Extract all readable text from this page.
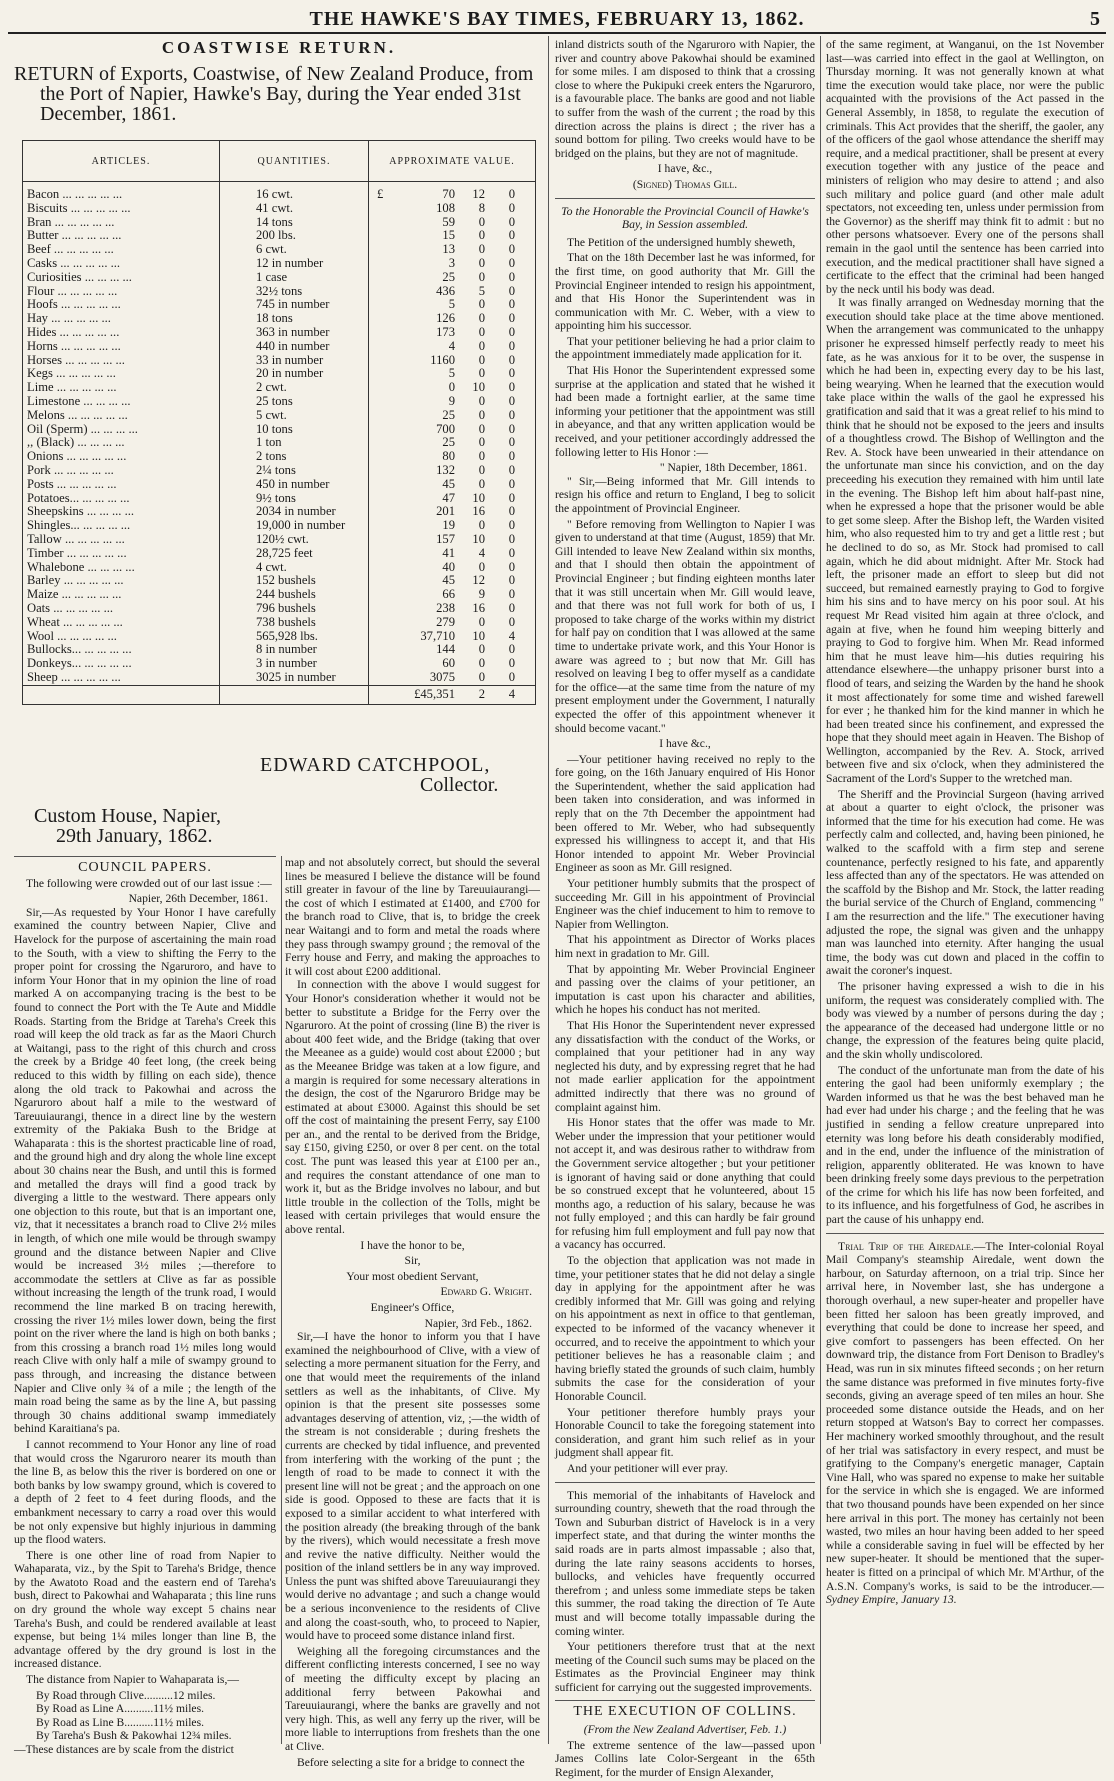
THE HAWKE'S BAY TIMES, FEBRUARY 13, 1862.	5
COASTWISE RETURN.
RETURN of Exports, Coastwise, of New Zealand Produce, from the Port of Napier, Hawke's Bay, during the Year ended 31st December, 1861.
ARTICLES.	QUANTITIES.	APPROXIMATE VALUE.
Bacon ... ... ... ... ...	16 cwt.	£ 70 12 0

Biscuits ... ... ... ... ...	41 cwt.	108 8 0

Bran ... ... ... ... ...	14 tons	59 0 0

Butter ... ... ... ... ...	200 lbs.	15 0 0

Beef ... ... ... ... ...	6 cwt.	13 0 0

Casks ... ... ... ... ...	12 in number	3 0 0

Curiosities ... ... ... ...	1 case	25 0 0

Flour ... ... ... ... ...	32½ tons	436 5 0

Hoofs ... ... ... ... ...	745 in number	5 0 0

Hay ... ... ... ... ...	18 tons	126 0 0

Hides ... ... ... ... ...	363 in number	173 0 0

Horns ... ... ... ... ...	440 in number	4 0 0

Horses ... ... ... ... ...	33 in number	1160 0 0

Kegs ... ... ... ... ...	20 in number	5 0 0

Lime ... ... ... ... ...	2 cwt.	0 10 0

Limestone ... ... ... ...	25 tons	9 0 0

Melons ... ... ... ... ...	5 cwt.	25 0 0

Oil (Sperm) ... ... ... ...	10 tons	700 0 0

,, (Black) ... ... ... ...	1 ton	25 0 0

Onions ... ... ... ... ...	2 tons	80 0 0

Pork ... ... ... ... ...	2¼ tons	132 0 0

Posts ... ... ... ... ...	450 in number	45 0 0

Potatoes... ... ... ... ...	9½ tons	47 10 0

Sheepskins ... ... ... ...	2034 in number	201 16 0

Shingles... ... ... ... ...	19,000 in number	19 0 0

Tallow ... ... ... ... ...	120½ cwt.	157 10 0

Timber ... ... ... ... ...	28,725 feet	41 4 0

Whalebone ... ... ... ...	4 cwt.	40 0 0

Barley ... ... ... ... ...	152 bushels	45 12 0

Maize ... ... ... ... ...	244 bushels	66 9 0

Oats ... ... ... ... ...	796 bushels	238 16 0

Wheat ... ... ... ... ...	738 bushels	279 0 0

Wool ... ... ... ... ...	565,928 lbs.	37,710 10 4

Bullocks... ... ... ... ...	8 in number	144 0 0

Donkeys... ... ... ... ...	3 in number	60 0 0

Sheep ... ... ... ... ...	3025 in number	3075 0 0

		£45,351 2 4
EDWARD CATCHPOOL,
Collector.
Custom House, Napier,
29th January, 1862.
COUNCIL PAPERS.

The following were crowded out of our last issue :—

Napier, 26th December, 1861.

Sir,—As requested by Your Honor I have carefully examined the country between Napier, Clive and Havelock for the purpose of ascertaining the main road to the South, with a view to shifting the Ferry to the proper point for crossing the Ngaruroro, and have to inform Your Honor that in my opinion the line of road marked A on accompanying tracing is the best to be found to connect the Port with the Te Aute and Middle Roads. Starting from the Bridge at Tareha's Creek this road will keep the old track as far as the Maori Church at Waitangi, pass to the right of this church and cross the creek by a Bridge 40 feet long, (the creek being reduced to this width by filling on each side), thence along the old track to Pakowhai and across the Ngaruroro about half a mile to the westward of Tareuuiaurangi, thence in a direct line by the western extremity of the Pakiaka Bush to the Bridge at Wahaparata : this is the shortest practicable line of road, and the ground high and dry along the whole line except about 30 chains near the Bush, and until this is formed and metalled the drays will find a good track by diverging a little to the westward. There appears only one objection to this route, but that is an important one, viz, that it necessitates a branch road to Clive 2½ miles in length, of which one mile would be through swampy ground and the distance between Napier and Clive would be increased 3½ miles ;—therefore to accommodate the settlers at Clive as far as possible without increasing the length of the trunk road, I would recommend the line marked B on tracing herewith, crossing the river 1½ miles lower down, being the first point on the river where the land is high on both banks ; from this crossing a branch road 1½ miles long would reach Clive with only half a mile of swampy ground to pass through, and increasing the distance between Napier and Clive only ¾ of a mile ; the length of the main road being the same as by the line A, but passing through 30 chains additional swamp immediately behind Karaitiana's pa.

I cannot recommend to Your Honor any line of road that would cross the Ngaruroro nearer its mouth than the line B, as below this the river is bordered on one or both banks by low swampy ground, which is covered to a depth of 2 feet to 4 feet during floods, and the embankment necessary to carry a road over this would be not only expensive but highly injurious in damming up the flood waters.

There is one other line of road from Napier to Wahaparata, viz., by the Spit to Tareha's Bridge, thence by the Awatoto Road and the eastern end of Tareha's bush, direct to Pakowhai and Wahaparata ; this line runs on dry ground the whole way except 5 chains near Tareha's Bush, and could be rendered available at least expense, but being 1¼ miles longer than line B, the advantage offered by the dry ground is lost in the increased distance.

The distance from Napier to Wahaparata is,—

By Road through Clive..........12 miles.
By Road as Line A..........11½ miles.
By Road as Line B..........11½ miles.
By Tareha's Bush & Pakowhai 12¾ miles.
—These distances are by scale from the district
map and not absolutely correct, but should the several lines be measured I believe the distance will be found still greater in favour of the line by Tareuuiaurangi—the cost of which I estimated at £1400, and £700 for the branch road to Clive, that is, to bridge the creek near Waitangi and to form and metal the roads where they pass through swampy ground ; the removal of the Ferry house and Ferry, and making the approaches to it will cost about £200 additional.

In connection with the above I would suggest for Your Honor's consideration whether it would not be better to substitute a Bridge for the Ferry over the Ngaruroro. At the point of crossing (line B) the river is about 400 feet wide, and the Bridge (taking that over the Meeanee as a guide) would cost about £2000 ; but as the Meeanee Bridge was taken at a low figure, and a margin is required for some necessary alterations in the design, the cost of the Ngaruroro Bridge may be estimated at about £3000. Against this should be set off the cost of maintaining the present Ferry, say £100 per an., and the rental to be derived from the Bridge, say £150, giving £250, or over 8 per cent. on the total cost. The punt was leased this year at £100 per an., and requires the constant attendance of one man to work it, but as the Bridge involves no labour, and but little trouble in the collection of the Tolls, might be leased with certain privileges that would ensure the above rental.

I have the honor to be,
Sir,
Your most obedient Servant,
Edward G. Wright.
Engineer's Office,
Napier, 3rd Feb., 1862.

Sir,—I have the honor to inform you that I have examined the neighbourhood of Clive, with a view of selecting a more permanent situation for the Ferry, and one that would meet the requirements of the inland settlers as well as the inhabitants, of Clive. My opinion is that the present site possesses some advantages deserving of attention, viz, ;—the width of the stream is not considerable ; during freshets the currents are checked by tidal influence, and prevented from interfering with the working of the punt ; the length of road to be made to connect it with the present line will not be great ; and the approach on one side is good. Opposed to these are facts that it is exposed to a similar accident to what interfered with the position already (the breaking through of the bank by the rivers), which would necessitate a fresh move and revive the native difficulty. Neither would the position of the inland settlers be in any way improved. Unless the punt was shifted above Tareuuiaurangi they would derive no advantage ; and such a change would be a serious inconvenience to the residents of Clive and along the coast-south, who, to proceed to Napier, would have to proceed some distance inland first.

Weighing all the foregoing circumstances and the different conflicting interests concerned, I see no way of meeting the difficulty except by placing an additional ferry between Pakowhai and Tareuuiaurangi, where the banks are gravelly and not very high. This, as well any ferry up the river, will be more liable to interruptions from freshets than the one at Clive.

Before selecting a site for a bridge to connect the

inland districts south of the Ngaruroro with Napier, the river and country above Pakowhai should be examined for some miles. I am disposed to think that a crossing close to where the Pukipuki creek enters the Ngaruroro, is a favourable place. The banks are good and not liable to suffer from the wash of the current ; the road by this direction across the plains is direct ; the river has a sound bottom for piling. Two creeks would have to be bridged on the plains, but they are not of magnitude.
I have, &c.,
(Signed) Thomas Gill.
To the Honorable the Provincial Council of Hawke's Bay, in Session assembled.

The Petition of the undersigned humbly sheweth,

That on the 18th December last he was informed, for the first time, on good authority that Mr. Gill the Provincial Engineer intended to resign his appointment, and that His Honor the Superintendent was in communication with Mr. C. Weber, with a view to appointing him his successor.

That your petitioner believing he had a prior claim to the appointment immediately made application for it.

That His Honor the Superintendent expressed some surprise at the application and stated that he wished it had been made a fortnight earlier, at the same time informing your petitioner that the appointment was still in abeyance, and that any written application would be received, and your petitioner accordingly addressed the following letter to His Honor :—

" Napier, 18th December, 1861.

" Sir,—Being informed that Mr. Gill intends to resign his office and return to England, I beg to solicit the appointment of Provincial Engineer.

" Before removing from Wellington to Napier I was given to understand at that time (August, 1859) that Mr. Gill intended to leave New Zealand within six months, and that I should then obtain the appointment of Provincial Engineer ; but finding eighteen months later that it was still uncertain when Mr. Gill would leave, and that there was not full work for both of us, I proposed to take charge of the works within my district for half pay on condition that I was allowed at the same time to undertake private work, and this Your Honor is aware was agreed to ; but now that Mr. Gill has resolved on leaving I beg to offer myself as a candidate for the office—at the same time from the nature of my present employment under the Government, I naturally expected the offer of this appointment whenever it should become vacant."

I have &c.,

—Your petitioner having received no reply to the fore going, on the 16th January enquired of His Honor the Superintendent, whether the said application had been taken into consideration, and was informed in reply that on the 7th December the appointment had been offered to Mr. Weber, who had subsequently expressed his willingness to accept it, and that His Honor intended to appoint Mr. Weber Provincial Engineer as soon as Mr. Gill resigned.

Your petitioner humbly submits that the prospect of succeeding Mr. Gill in his appointment of Provincial Engineer was the chief inducement to him to remove to Napier from Wellington.

That his appointment as Director of Works places him next in gradation to Mr. Gill.

That by appointing Mr. Weber Provincial Engineer and passing over the claims of your petitioner, an imputation is cast upon his character and abilities, which he hopes his conduct has not merited.

That His Honor the Superintendent never expressed any dissatisfaction with the conduct of the Works, or complained that your petitioner had in any way neglected his duty, and by expressing regret that he had not made earlier application for the appointment admitted indirectly that there was no ground of complaint against him.

His Honor states that the offer was made to Mr. Weber under the impression that your petitioner would not accept it, and was desirous rather to withdraw from the Government service altogether ; but your petitioner is ignorant of having said or done anything that could be so construed except that he volunteered, about 15 months ago, a reduction of his salary, because he was not fully employed ; and this can hardly be fair ground for refusing him full employment and full pay now that a vacancy has occurred.

To the objection that application was not made in time, your petitioner states that he did not delay a single day in applying for the appointment after he was credibly informed that Mr. Gill was going and relying on his appointment as next in office to that gentleman, expected to be informed of the vacancy whenever it occurred, and to receive the appointment to which your petitioner believes he has a reasonable claim ; and having briefly stated the grounds of such claim, humbly submits the case for the consideration of your Honorable Council.

Your petitioner therefore humbly prays your Honorable Council to take the foregoing statement into consideration, and grant him such relief as in your judgment shall appear fit.

And your petitioner will ever pray.

This memorial of the inhabitants of Havelock and surrounding country, sheweth that the road through the Town and Suburban district of Havelock is in a very imperfect state, and that during the winter months the said roads are in parts almost impassable ; also that, during the late rainy seasons accidents to horses, bullocks, and vehicles have frequently occurred therefrom ; and unless some immediate steps be taken this summer, the road taking the direction of Te Aute must and will become totally impassable during the coming winter.

Your petitioners therefore trust that at the next meeting of the Council such sums may be placed on the Estimates as the Provincial Engineer may think sufficient for carrying out the suggested improvements.

THE EXECUTION OF COLLINS.
(From the New Zealand Advertiser, Feb. 1.)

The extreme sentence of the law—passed upon James Collins late Color-Sergeant in the 65th Regiment, for the murder of Ensign Alexander,

of the same regiment, at Wanganui, on the 1st November last—was carried into effect in the gaol at Wellington, on Thursday morning. It was not generally known at what time the execution would take place, nor were the public acquainted with the provisions of the Act passed in the General Assembly, in 1858, to regulate the execution of criminals. This Act provides that the sheriff, the gaoler, any of the officers of the gaol whose attendance the sheriff may require, and a medical practitioner, shall be present at every execution together with any justice of the peace and ministers of religion who may desire to attend ; and also such military and police guard (and other male adult spectators, not exceeding ten, unless under permission from the Governor) as the sheriff may think fit to admit : but no other persons whatsoever. Every one of the persons shall remain in the gaol until the sentence has been carried into execution, and the medical practitioner shall have signed a certificate to the effect that the criminal had been hanged by the neck until his body was dead.

It was finally arranged on Wednesday morning that the execution should take place at the time above mentioned. When the arrangement was communicated to the unhappy prisoner he expressed himself perfectly ready to meet his fate, as he was anxious for it to be over, the suspense in which he had been in, expecting every day to be his last, being wearying. When he learned that the execution would take place within the walls of the gaol he expressed his gratification and said that it was a great relief to his mind to think that he should not be exposed to the jeers and insults of a thoughtless crowd. The Bishop of Wellington and the Rev. A. Stock have been unwearied in their attendance on the unfortunate man since his conviction, and on the day preceeding his execution they remained with him until late in the evening. The Bishop left him about half-past nine, when he expressed a hope that the prisoner would be able to get some sleep. After the Bishop left, the Warden visited him, who also requested him to try and get a little rest ; but he declined to do so, as Mr. Stock had promised to call again, which he did about midnight. After Mr. Stock had left, the prisoner made an effort to sleep but did not succeed, but remained earnestly praying to God to forgive him his sins and to have mercy on his poor soul. At his request Mr Read visited him again at three o'clock, and again at five, when he found him weeping bitterly and praying to God to forgive him. When Mr. Read informed him that he must leave him—his duties requiring his attendance elsewhere—the unhappy prisoner burst into a flood of tears, and seizing the Warden by the hand he shook it most affectionately for some time and wished farewell for ever ; he thanked him for the kind manner in which he had been treated since his confinement, and expressed the hope that they should meet again in Heaven. The Bishop of Wellington, accompanied by the Rev. A. Stock, arrived between five and six o'clock, when they administered the Sacrament of the Lord's Supper to the wretched man.

The Sheriff and the Provincial Surgeon (having arrived at about a quarter to eight o'clock, the prisoner was informed that the time for his execution had come. He was perfectly calm and collected, and, having been pinioned, he walked to the scaffold with a firm step and serene countenance, perfectly resigned to his fate, and apparently less affected than any of the spectators. He was attended on the scaffold by the Bishop and Mr. Stock, the latter reading the burial service of the Church of England, commencing " I am the resurrection and the life." The executioner having adjusted the rope, the signal was given and the unhappy man was launched into eternity. After hanging the usual time, the body was cut down and placed in the coffin to await the coroner's inquest.

The prisoner having expressed a wish to die in his uniform, the request was considerately complied with. The body was viewed by a number of persons during the day ; the appearance of the deceased had undergone little or no change, the expression of the features being quite placid, and the skin wholly undiscolored.

The conduct of the unfortunate man from the date of his entering the gaol had been uniformly exemplary ; the Warden informed us that he was the best behaved man he had ever had under his charge ; and the feeling that he was justified in sending a fellow creature unprepared into eternity was long before his death considerably modified, and in the end, under the influence of the ministration of religion, apparently obliterated. He was known to have been drinking freely some days previous to the perpetration of the crime for which his life has now been forfeited, and to its influence, and his forgetfulness of God, he ascribes in part the cause of his unhappy end.

Trial Trip of the Airedale.—The Inter-colonial Royal Mail Company's steamship Airedale, went down the harbour, on Saturday afternoon, on a trial trip. Since her arrival here, in November last, she has undergone a thorough overhaul, a new super-heater and propeller have been fitted her saloon has been greatly improved, and everything that could be done to increase her speed, and give comfort to passengers has been effected. On her downward trip, the distance from Fort Denison to Bradley's Head, was run in six minutes fifteed seconds ; on her return the same distance was preformed in five minutes forty-five seconds, giving an average speed of ten miles an hour. She proceeded some distance outside the Heads, and on her return stopped at Watson's Bay to correct her compasses. Her machinery worked smoothly throughout, and the result of her trial was satisfactory in every respect, and must be gratifying to the Company's energetic manager, Captain Vine Hall, who was spared no expense to make her suitable for the service in which she is engaged. We are informed that two thousand pounds have been expended on her since here arrival in this port. The money has certainly not been wasted, two miles an hour having been added to her speed while a considerable saving in fuel will be effected by her new super-heater. It should be mentioned that the super-heater is fitted on a principal of which Mr. M'Arthur, of the A.S.N. Company's works, is said to be the introducer.—Sydney Empire, January 13.
